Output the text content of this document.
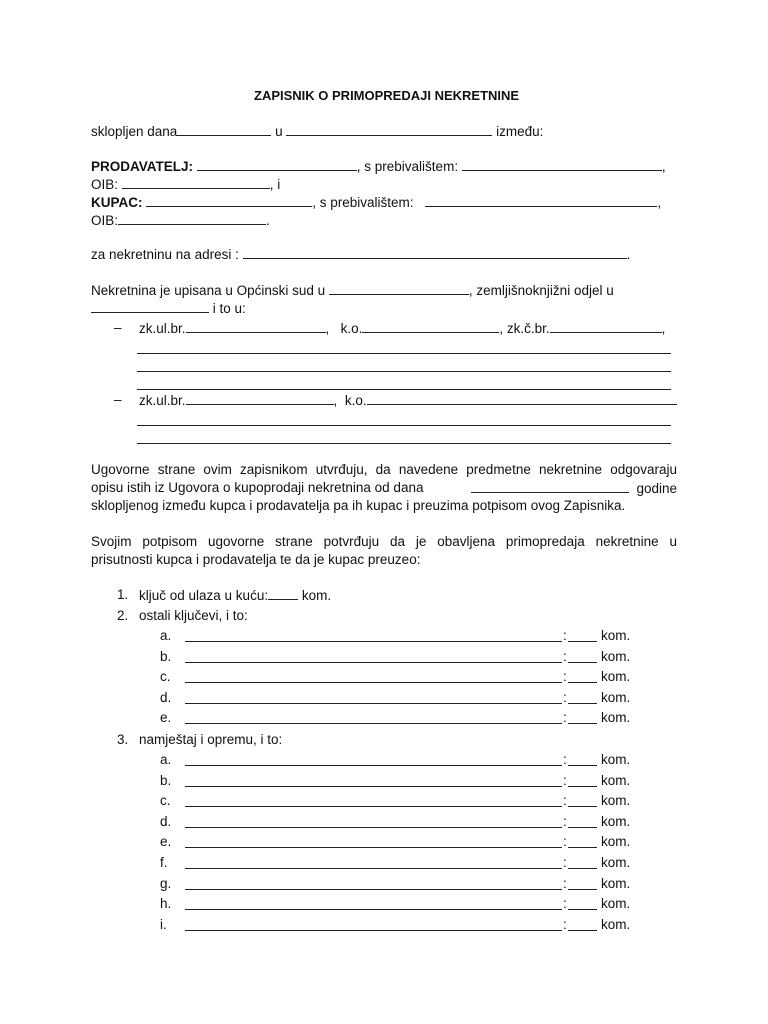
ZAPISNIK O PRIMOPREDAJI NEKRETNINE
sklopljen dana	u	između:
PRODAVATELJ:	, s prebivalištem:	,
OIB:	, i
KUPAC:	, s prebivalištem:	,
OIB:	.
za nekretninu na adresi :	.
Nekretnina je upisana u Općinski sud u	, zemljišnoknjižni odjel u
i to u:
– zk.ul.br.	, k.o.	, zk.č.br.	,
– zk.ul.br.	, k.o.
Ugovorne strane ovim zapisnikom utvrđuju, da navedene predmetne nekretnine odgovaraju
opisu istih iz Ugovora o kupoprodaji nekretnina od dana	godine
sklopljenog između kupca i prodavatelja pa ih kupac i preuzima potpisom ovog Zapisnika.
Svojim potpisom ugovorne strane potvrđuju da je obavljena primopredaja nekretnine u
prisutnosti kupca i prodavatelja te da je kupac preuzeo:
1. ključ od ulaza u kuću:	kom.
2. ostali ključevi, i to:
a.	:	kom.
b.	:	kom.
c.	:	kom.
d.	:	kom.
e.	:	kom.
3. namještaj i opremu, i to:
a.	:	kom.
b.	:	kom.
c.	:	kom.
d.	:	kom.
e.	:	kom.
f.	:	kom.
g.	:	kom.
h.	:	kom.
i.	:	kom.
